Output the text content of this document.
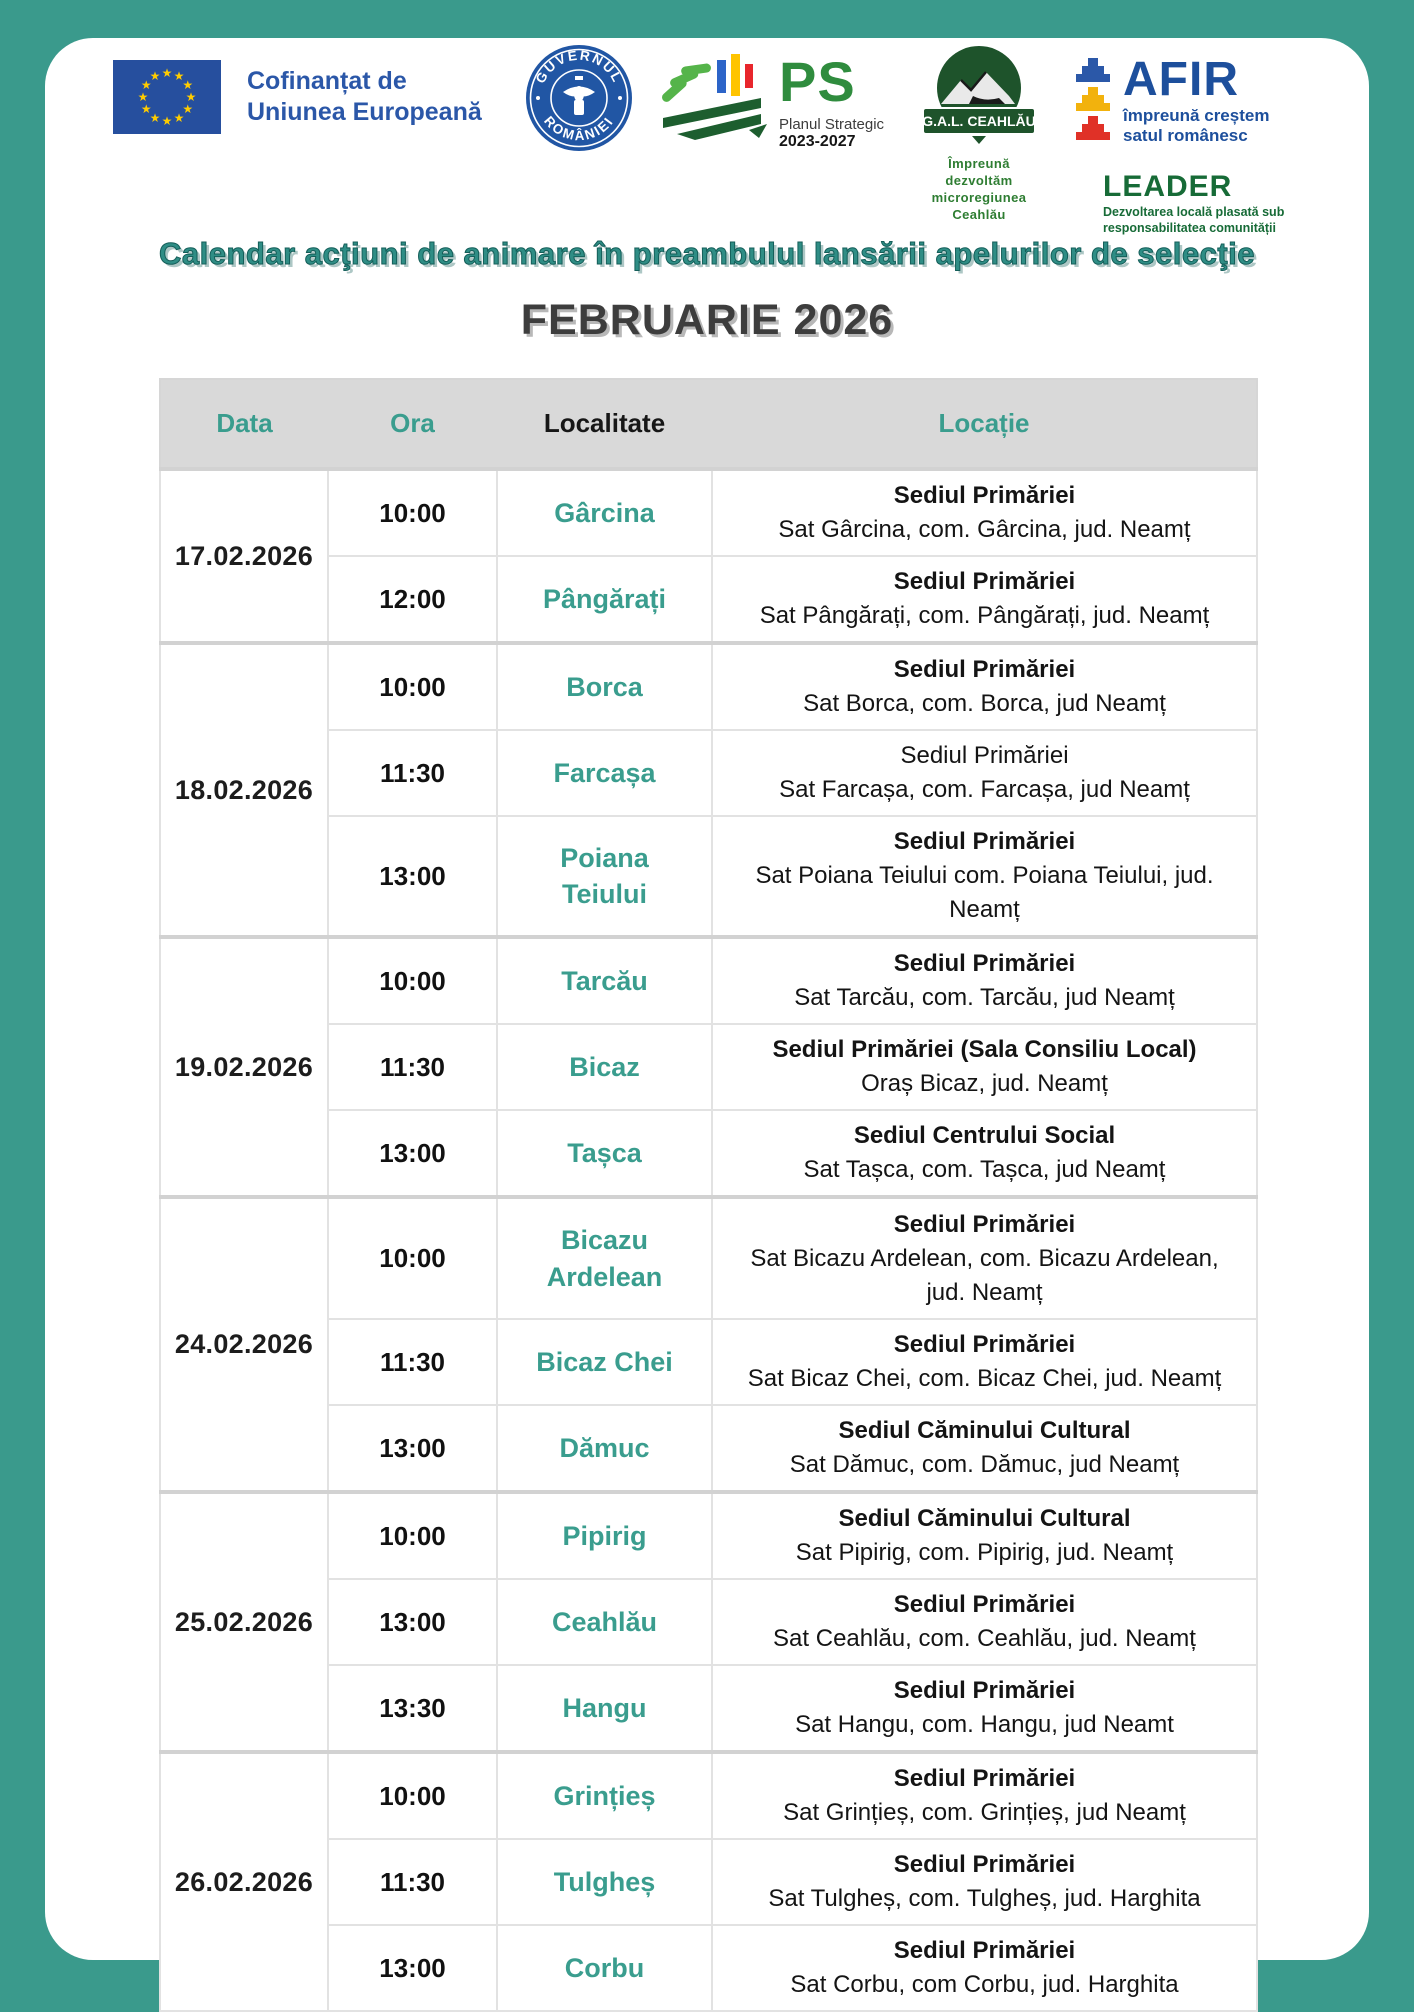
★ ★
★
★
★
★
★
★
★
★
★
★	Cofinanțat de
Uniunea Europeană
GUVERNUL
ROMÂNIEI
PS
Planul Strategic
2023-2027
G.A.L. CEAHLĂU
Împreună dezvoltăm
microregiunea Ceahlău
AFIR
împreună creștem
satul românesc
LEADER
Dezvoltarea locală plasată sub
responsabilitatea comunității
Calendar acţiuni de animare în preambulul lansării apelurilor de selecţie
FEBRUARIE 2026
Data	Ora	Localitate	Locație
17.02.2026	10:00	Gârcina	Sediul Primăriei
Sat Gârcina, com. Gârcina, jud. Neamț

	12:00	Pângărați	Sediul Primăriei
Sat Pângărați, com. Pângărați, jud. Neamț

18.02.2026	10:00	Borca	Sediul Primăriei
Sat Borca, com. Borca, jud Neamț

	11:30	Farcașa	Sediul Primăriei
Sat Farcașa, com. Farcașa, jud Neamț

	13:00	Poiana Teiului	Sediul Primăriei
Sat Poiana Teiului com. Poiana Teiului, jud. Neamț

19.02.2026	10:00	Tarcău	Sediul Primăriei
Sat Tarcău, com. Tarcău, jud Neamț

	11:30	Bicaz	Sediul Primăriei (Sala Consiliu Local)
Oraș Bicaz, jud. Neamț

	13:00	Tașca	Sediul Centrului Social
Sat Tașca, com. Tașca, jud Neamț

24.02.2026	10:00	Bicazu Ardelean	Sediul Primăriei
Sat Bicazu Ardelean, com. Bicazu Ardelean, jud. Neamț

	11:30	Bicaz Chei	Sediul Primăriei
Sat Bicaz Chei, com. Bicaz Chei, jud. Neamț

	13:00	Dămuc	Sediul Căminului Cultural
Sat Dămuc, com. Dămuc, jud Neamț

25.02.2026	10:00	Pipirig	Sediul Căminului Cultural
Sat Pipirig, com. Pipirig, jud. Neamț

	13:00	Ceahlău	Sediul Primăriei
Sat Ceahlău, com. Ceahlău, jud. Neamț

	13:30	Hangu	Sediul Primăriei
Sat Hangu, com. Hangu, jud Neamt

26.02.2026	10:00	Grințieș	Sediul Primăriei
Sat Grințieș, com. Grințieș, jud Neamț

	11:30	Tulgheș	Sediul Primăriei
Sat Tulgheș, com. Tulgheș, jud. Harghita

	13:00	Corbu	Sediul Primăriei
Sat Corbu, com Corbu, jud. Harghita
